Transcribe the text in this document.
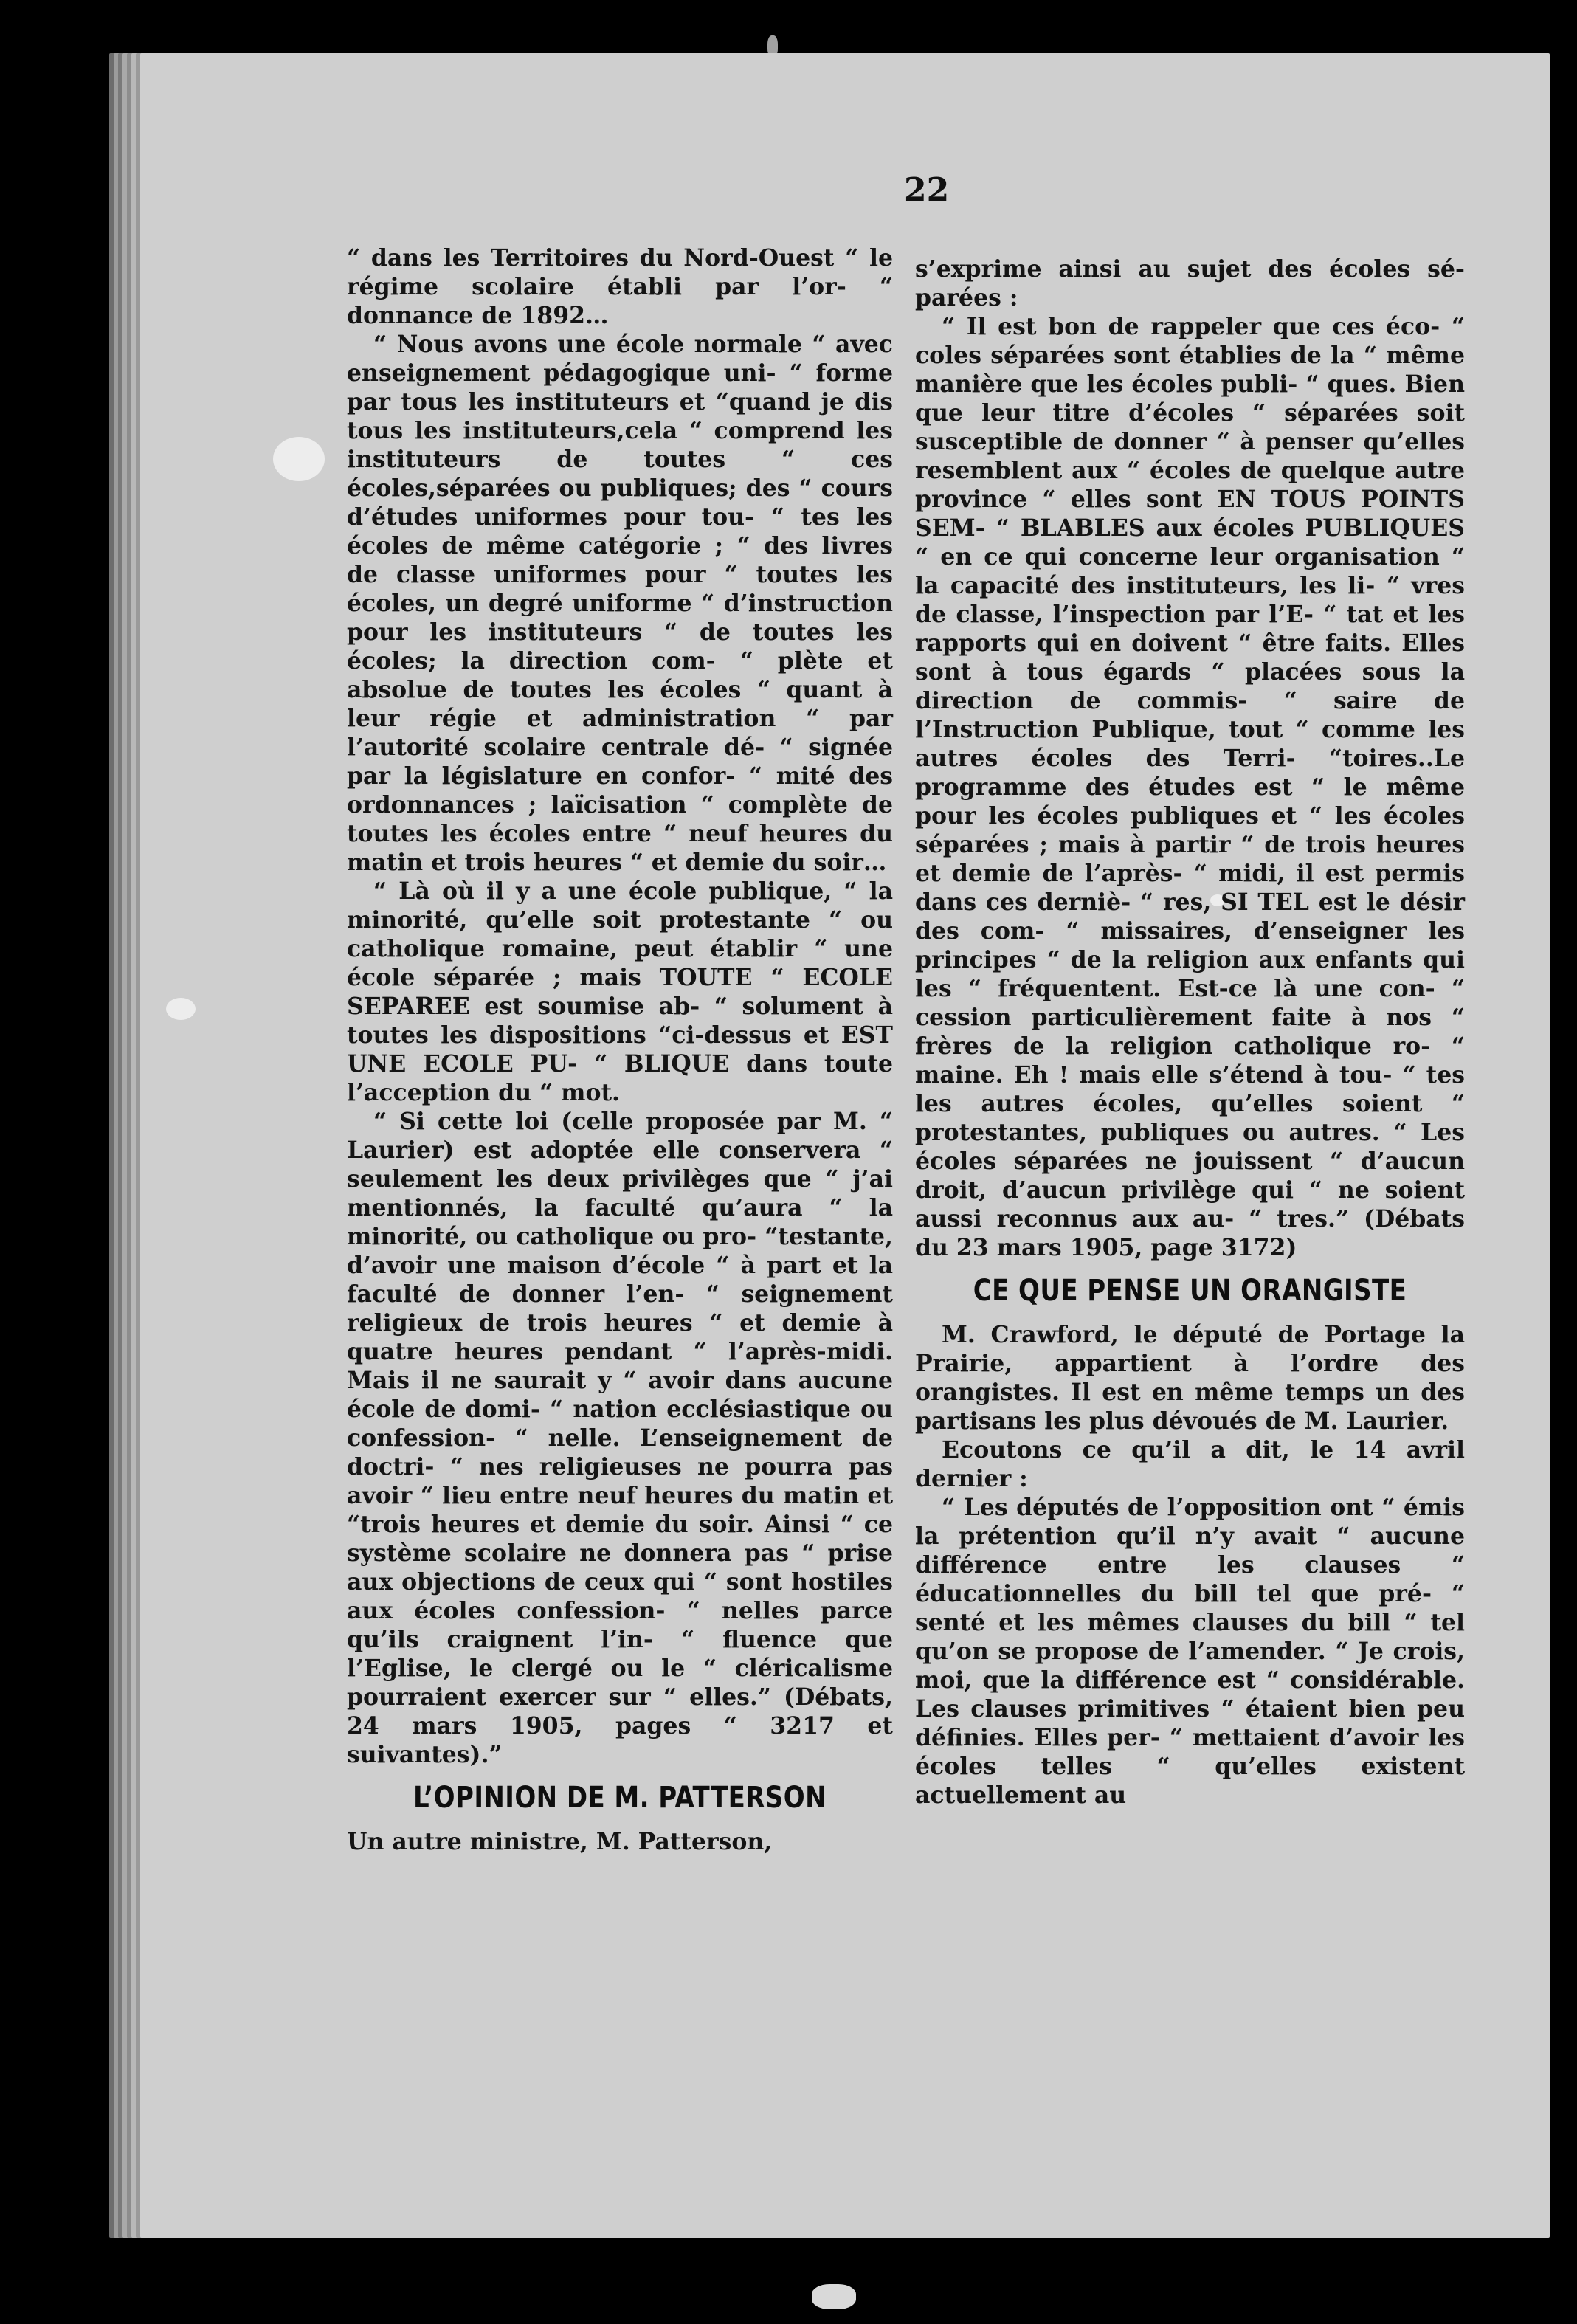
22

“ dans les Territoires du Nord-Ouest “ le régime scolaire établi par l’or- “ donnance de 1892…

“ Nous avons une école normale “ avec enseignement pédagogique uni- “ forme par tous les instituteurs et “quand je dis tous les instituteurs,cela “ comprend les instituteurs de toutes “ ces écoles,séparées ou publiques; des “ cours d’études uniformes pour tou- “ tes les écoles de même catégorie ; “ des livres de classe uniformes pour “ toutes les écoles, un degré uniforme “ d’instruction pour les instituteurs “ de toutes les écoles; la direction com- “ plète et absolue de toutes les écoles “ quant à leur régie et administration “ par l’autorité scolaire centrale dé- “ signée par la législature en confor- “ mité des ordonnances ; laïcisation “ complète de toutes les écoles entre “ neuf heures du matin et trois heures “ et demie du soir…

“ Là où il y a une école publique, “ la minorité, qu’elle soit protestante “ ou catholique romaine, peut établir “ une école séparée ; mais TOUTE “ ECOLE SEPAREE est soumise ab- “ solument à toutes les dispositions “ci-dessus et EST UNE ECOLE PU- “ BLIQUE dans toute l’acception du “ mot.

“ Si cette loi (celle proposée par M. “ Laurier) est adoptée elle conservera “ seulement les deux privilèges que “ j’ai mentionnés, la faculté qu’aura “ la minorité, ou catholique ou pro- “testante, d’avoir une maison d’école “ à part et la faculté de donner l’en- “ seignement religieux de trois heures “ et demie à quatre heures pendant “ l’après-midi. Mais il ne saurait y “ avoir dans aucune école de domi- “ nation ecclésiastique ou confession- “ nelle. L’enseignement de doctri- “ nes religieuses ne pourra pas avoir “ lieu entre neuf heures du matin et “trois heures et demie du soir. Ainsi “ ce système scolaire ne donnera pas “ prise aux objections de ceux qui “ sont hostiles aux écoles confession- “ nelles parce qu’ils craignent l’in- “ fluence que l’Eglise, le clergé ou le “ cléricalisme pourraient exercer sur “ elles.” (Débats, 24 mars 1905, pages “ 3217 et suivantes).”

L’OPINION DE M. PATTERSON

Un autre ministre, M. Patterson,

s’exprime ainsi au sujet des écoles sé- parées :

“ Il est bon de rappeler que ces éco- “ coles séparées sont établies de la “ même manière que les écoles publi- “ ques. Bien que leur titre d’écoles “ séparées soit susceptible de donner “ à penser qu’elles resemblent aux “ écoles de quelque autre province “ elles sont EN TOUS POINTS SEM- “ BLABLES aux écoles PUBLIQUES “ en ce qui concerne leur organisation “ la capacité des instituteurs, les li- “ vres de classe, l’inspection par l’E- “ tat et les rapports qui en doivent “ être faits. Elles sont à tous égards “ placées sous la direction de commis- “ saire de l’Instruction Publique, tout “ comme les autres écoles des Terri- “toires..Le programme des études est “ le même pour les écoles publiques et “ les écoles séparées ; mais à partir “ de trois heures et demie de l’après- “ midi, il est permis dans ces derniè- “ res, SI TEL est le désir des com- “ missaires, d’enseigner les principes “ de la religion aux enfants qui les “ fréquentent. Est-ce là une con- “ cession particulièrement faite à nos “ frères de la religion catholique ro- “ maine. Eh ! mais elle s’étend à tou- “ tes les autres écoles, qu’elles soient “ protestantes, publiques ou autres. “ Les écoles séparées ne jouissent “ d’aucun droit, d’aucun privilège qui “ ne soient aussi reconnus aux au- “ tres.” (Débats du 23 mars 1905, page 3172)

CE QUE PENSE UN ORANGISTE

M. Crawford, le député de Portage la Prairie, appartient à l’ordre des orangistes. Il est en même temps un des partisans les plus dévoués de M. Laurier.

Ecoutons ce qu’il a dit, le 14 avril dernier :

“ Les députés de l’opposition ont “ émis la prétention qu’il n’y avait “ aucune différence entre les clauses “ éducationnelles du bill tel que pré- “ senté et les mêmes clauses du bill “ tel qu’on se propose de l’amender. “ Je crois, moi, que la différence est “ considérable. Les clauses primitives “ étaient bien peu définies. Elles per- “ mettaient d’avoir les écoles telles “ qu’elles existent actuellement au
